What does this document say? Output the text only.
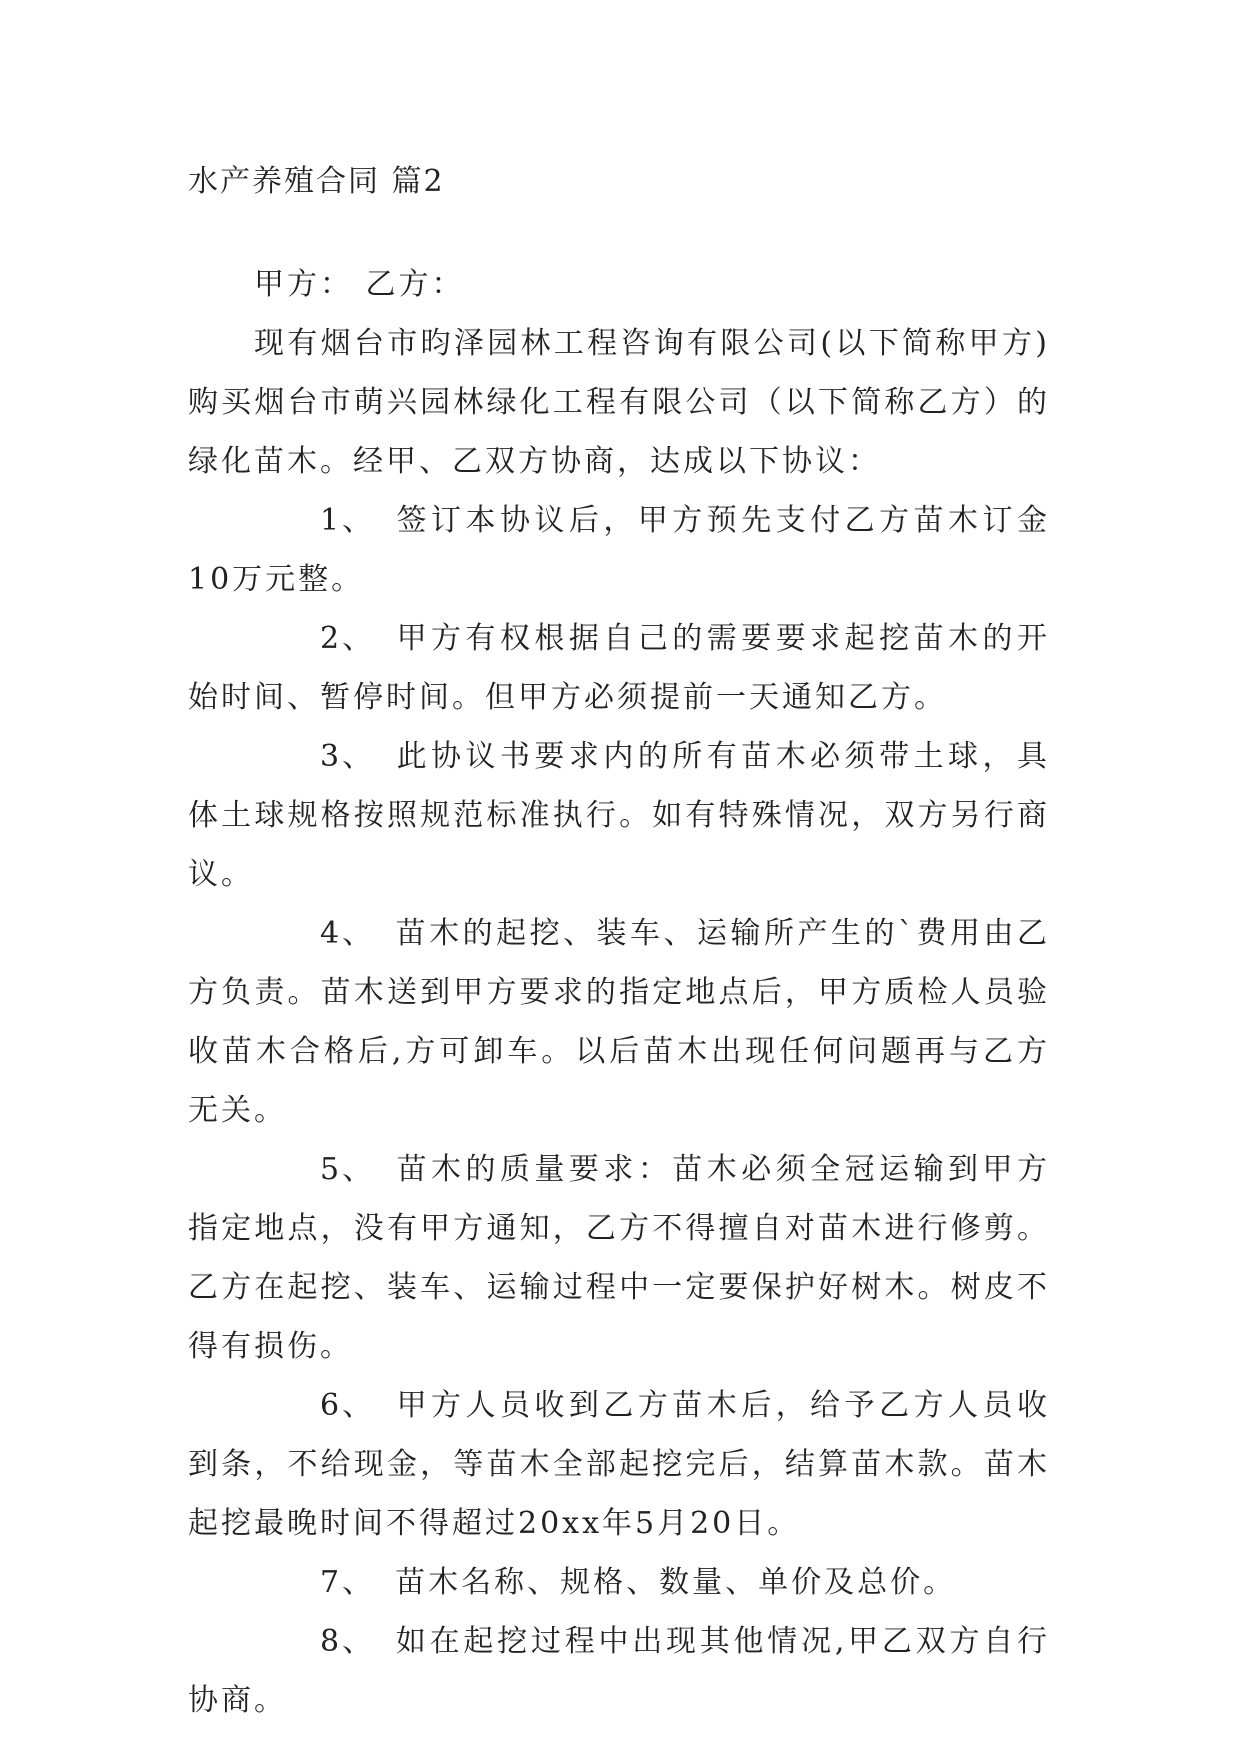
水产养殖合同 篇2

甲方： 乙方：

现有烟台市昀泽园林工程咨询有限公司(以下简称甲方)购买烟台市萌兴园林绿化工程有限公司（以下简称乙方）的绿化苗木。经甲、乙双方协商，达成以下协议：

1、 签订本协议后，甲方预先支付乙方苗木订金10万元整。

2、 甲方有权根据自己的需要要求起挖苗木的开始时间、暂停时间。但甲方必须提前一天通知乙方。

3、 此协议书要求内的所有苗木必须带土球，具体土球规格按照规范标准执行。如有特殊情况，双方另行商议。

4、 苗木的起挖、装车、运输所产生的`费用由乙方负责。苗木送到甲方要求的指定地点后，甲方质检人员验收苗木合格后,方可卸车。以后苗木出现任何问题再与乙方无关。

5、 苗木的质量要求：苗木必须全冠运输到甲方指定地点，没有甲方通知，乙方不得擅自对苗木进行修剪。乙方在起挖、装车、运输过程中一定要保护好树木。树皮不得有损伤。

6、 甲方人员收到乙方苗木后，给予乙方人员收到条，不给现金，等苗木全部起挖完后，结算苗木款。苗木起挖最晚时间不得超过20xx年5月20日。

7、 苗木名称、规格、数量、单价及总价。

8、 如在起挖过程中出现其他情况,甲乙双方自行协商。
